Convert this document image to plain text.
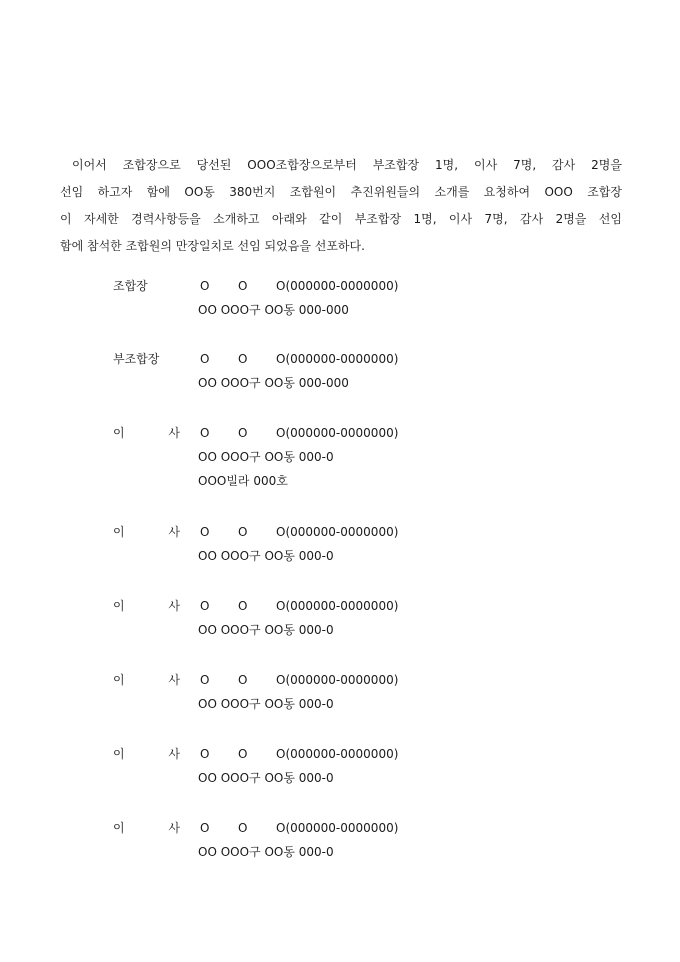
이어서 조합장으로 당선된 OOO조합장으로부터 부조합장 1명, 이사 7명, 감사 2명을
선임 하고자 함에 OO동 380번지 조합원이 추진위원들의 소개를 요청하여 OOO 조합장
이 자세한 경력사항등을 소개하고 아래와 같이 부조합장 1명, 이사 7명, 감사 2명을 선임
함에 참석한 조합원의 만장일치로 선임 되었음을 선포하다.
조합장	O O O(000000-0000000)
OO OOO구 OO동 000-000
부조합장	O O O(000000-0000000)
OO OOO구 OO동 000-000
이 사 O O O(000000-0000000)
OO OOO구 OO동 000-0
OOO빌라 000호
이 사 O O O(000000-0000000)
OO OOO구 OO동 000-0
이 사 O O O(000000-0000000)
OO OOO구 OO동 000-0
이 사 O O O(000000-0000000)
OO OOO구 OO동 000-0
이 사 O O O(000000-0000000)
OO OOO구 OO동 000-0
이 사 O O O(000000-0000000)
OO OOO구 OO동 000-0
